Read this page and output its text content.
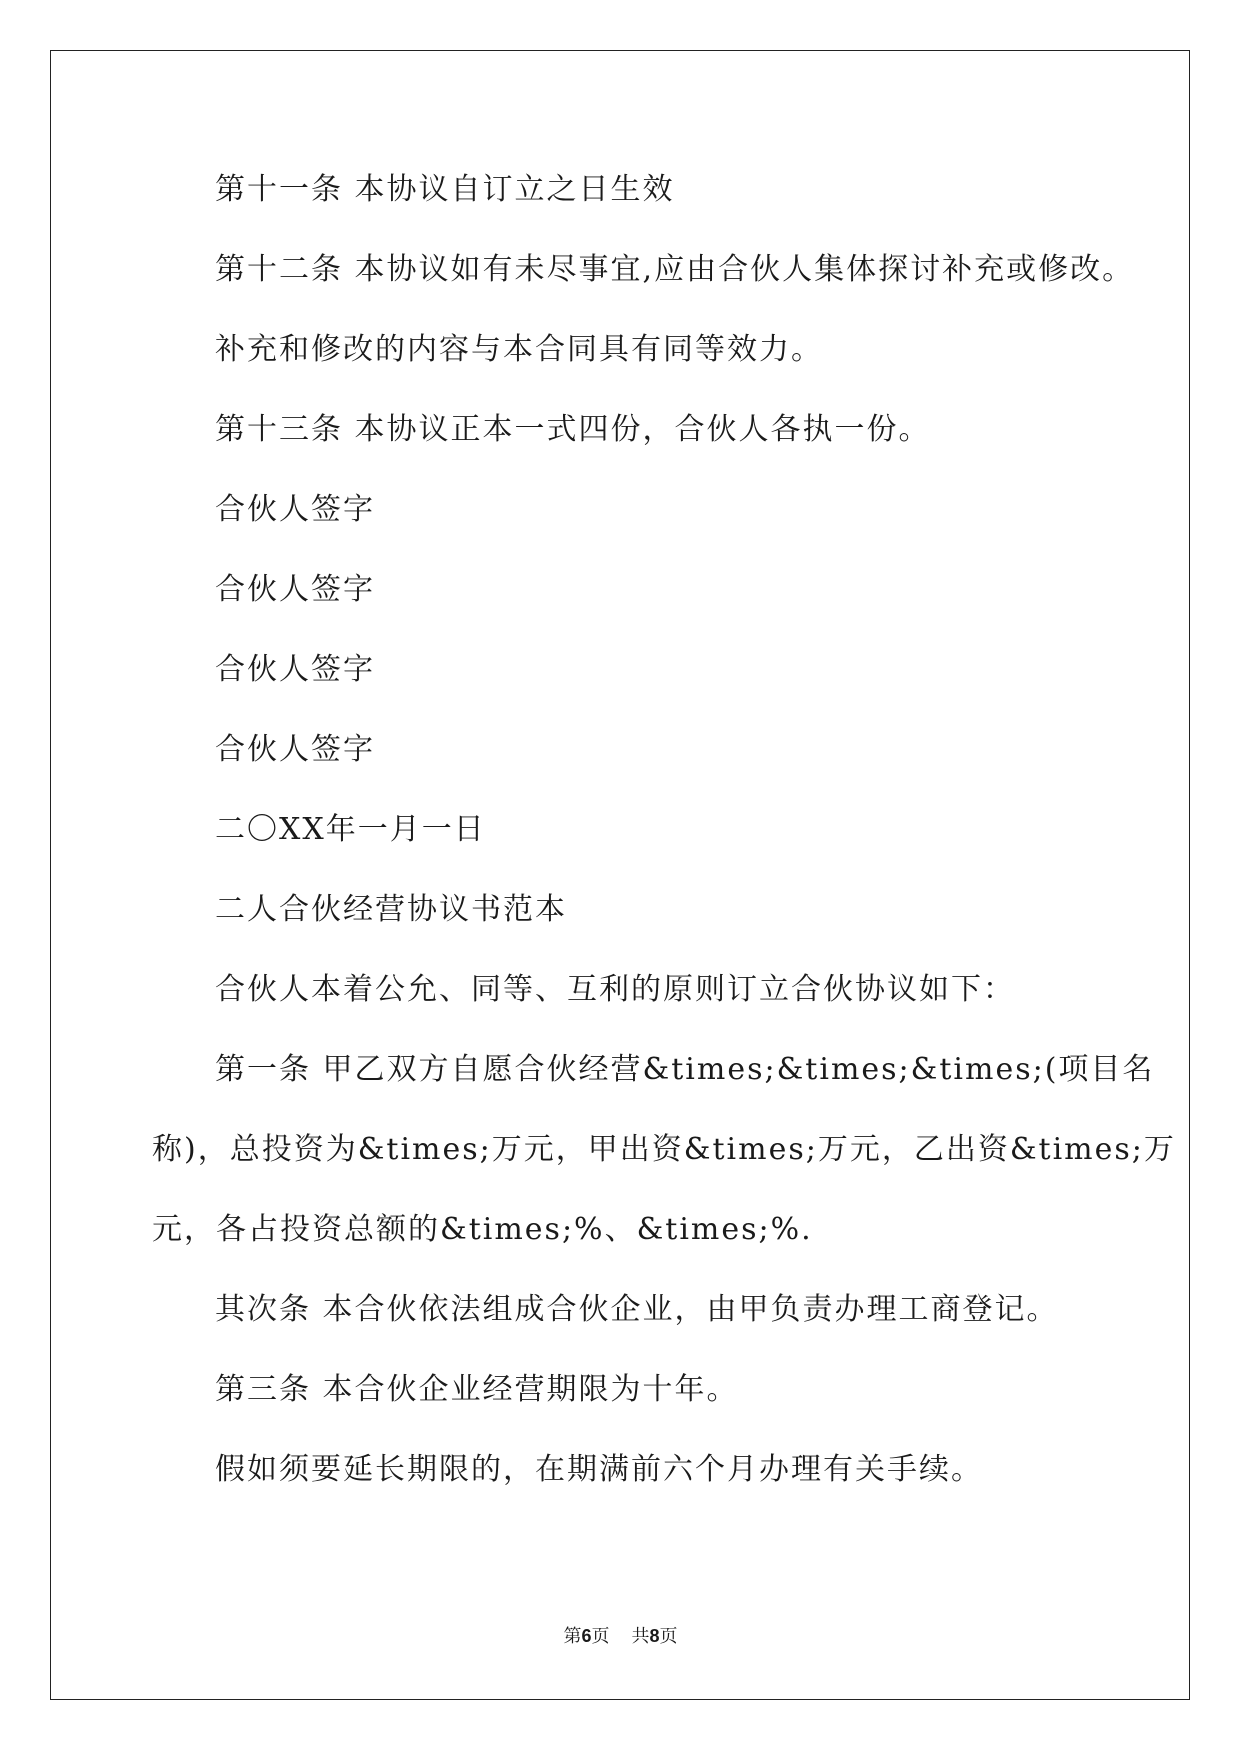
第十一条 本协议自订立之日生效
第十二条 本协议如有未尽事宜,应由合伙人集体探讨补充或修改。
补充和修改的内容与本合同具有同等效力。
第十三条 本协议正本一式四份，合伙人各执一份。
合伙人签字
合伙人签字
合伙人签字
合伙人签字
二〇XX年一月一日
二人合伙经营协议书范本
合伙人本着公允、同等、互利的原则订立合伙协议如下：
第一条 甲乙双方自愿合伙经营&times;&times;&times;(项目名
称)，总投资为&times;万元，甲出资&times;万元，乙出资&times;万
元，各占投资总额的&times;%、&times;%.
其次条 本合伙依法组成合伙企业，由甲负责办理工商登记。
第三条 本合伙企业经营期限为十年。
假如须要延长期限的，在期满前六个月办理有关手续。
第6页 共8页
